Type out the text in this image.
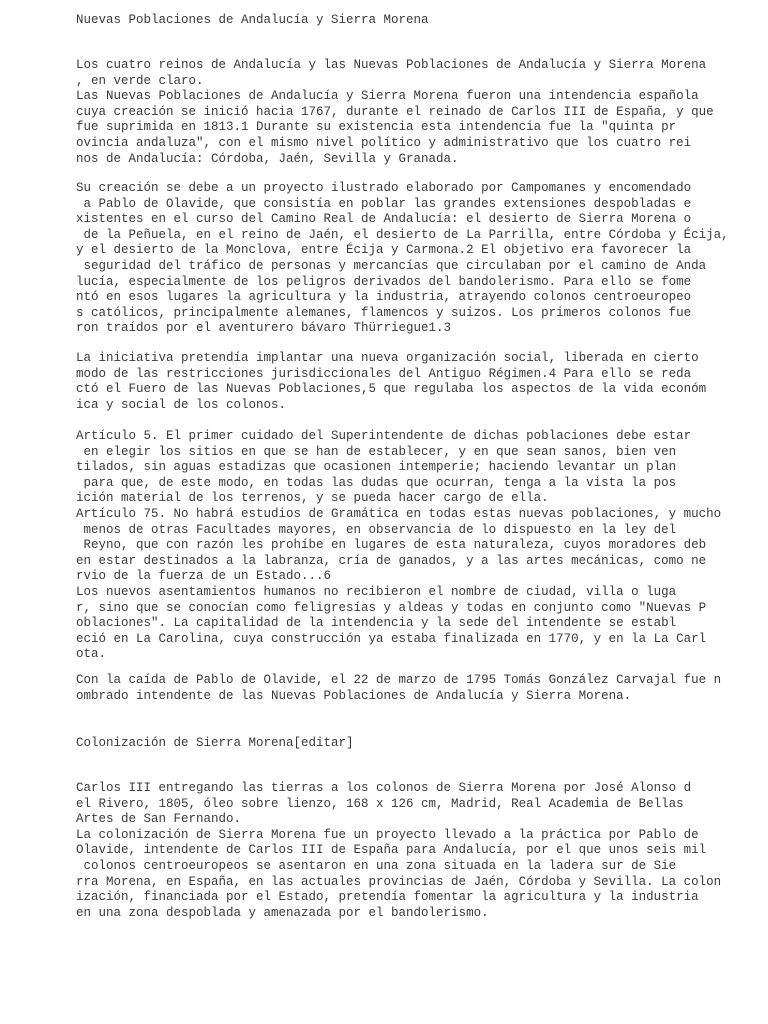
Nuevas Poblaciones de Andalucía y Sierra Morena
Los cuatro reinos de Andalucía y las Nuevas Poblaciones de Andalucía y Sierra Morena
, en verde claro.
Las Nuevas Poblaciones de Andalucía y Sierra Morena fueron una intendencia española
cuya creación se inició hacia 1767, durante el reinado de Carlos III de España, y que
fue suprimida en 1813.1 Durante su existencia esta intendencia fue la "quinta pr
ovincia andaluza", con el mismo nivel político y administrativo que los cuatro rei
nos de Andalucía: Córdoba, Jaén, Sevilla y Granada.
Su creación se debe a un proyecto ilustrado elaborado por Campomanes y encomendado
a Pablo de Olavide, que consistía en poblar las grandes extensiones despobladas e
xistentes en el curso del Camino Real de Andalucía: el desierto de Sierra Morena o
de la Peñuela, en el reino de Jaén, el desierto de La Parrilla, entre Córdoba y Écija,
y el desierto de la Monclova, entre Écija y Carmona.2 El objetivo era favorecer la
seguridad del tráfico de personas y mercancías que circulaban por el camino de Anda
lucía, especialmente de los peligros derivados del bandolerismo. Para ello se fome
ntó en esos lugares la agricultura y la industria, atrayendo colonos centroeuropeo
s católicos, principalmente alemanes, flamencos y suizos. Los primeros colonos fue
ron traídos por el aventurero bávaro Thürriegue1.3
La iniciativa pretendía implantar una nueva organización social, liberada en cierto
modo de las restricciones jurisdiccionales del Antiguo Régimen.4 Para ello se reda
ctó el Fuero de las Nuevas Poblaciones,5 que regulaba los aspectos de la vida económ
ica y social de los colonos.
Artículo 5. El primer cuidado del Superintendente de dichas poblaciones debe estar
en elegir los sitios en que se han de establecer, y en que sean sanos, bien ven
tilados, sin aguas estadizas que ocasionen intemperie; haciendo levantar un plan
para que, de este modo, en todas las dudas que ocurran, tenga a la vista la pos
ición material de los terrenos, y se pueda hacer cargo de ella.
Artículo 75. No habrá estudios de Gramática en todas estas nuevas poblaciones, y mucho
menos de otras Facultades mayores, en observancia de lo dispuesto en la ley del
Reyno, que con razón les prohíbe en lugares de esta naturaleza, cuyos moradores deb
en estar destinados a la labranza, cría de ganados, y a las artes mecánicas, como ne
rvio de la fuerza de un Estado...6
Los nuevos asentamientos humanos no recibieron el nombre de ciudad, villa o luga
r, sino que se conocían como feligresías y aldeas y todas en conjunto como "Nuevas P
oblaciones". La capitalidad de la intendencia y la sede del intendente se establ
eció en La Carolina, cuya construcción ya estaba finalizada en 1770, y en la La Carl
ota.
Con la caída de Pablo de Olavide, el 22 de marzo de 1795 Tomás González Carvajal fue n
ombrado intendente de las Nuevas Poblaciones de Andalucía y Sierra Morena.
Colonización de Sierra Morena[editar]
Carlos III entregando las tierras a los colonos de Sierra Morena por José Alonso d
el Rivero, 1805, óleo sobre lienzo, 168 x 126 cm, Madrid, Real Academia de Bellas
Artes de San Fernando.
La colonización de Sierra Morena fue un proyecto llevado a la práctica por Pablo de
Olavide, intendente de Carlos III de España para Andalucía, por el que unos seis mil
colonos centroeuropeos se asentaron en una zona situada en la ladera sur de Sie
rra Morena, en España, en las actuales provincias de Jaén, Córdoba y Sevilla. La colon
ización, financiada por el Estado, pretendía fomentar la agricultura y la industria
en una zona despoblada y amenazada por el bandolerismo.
